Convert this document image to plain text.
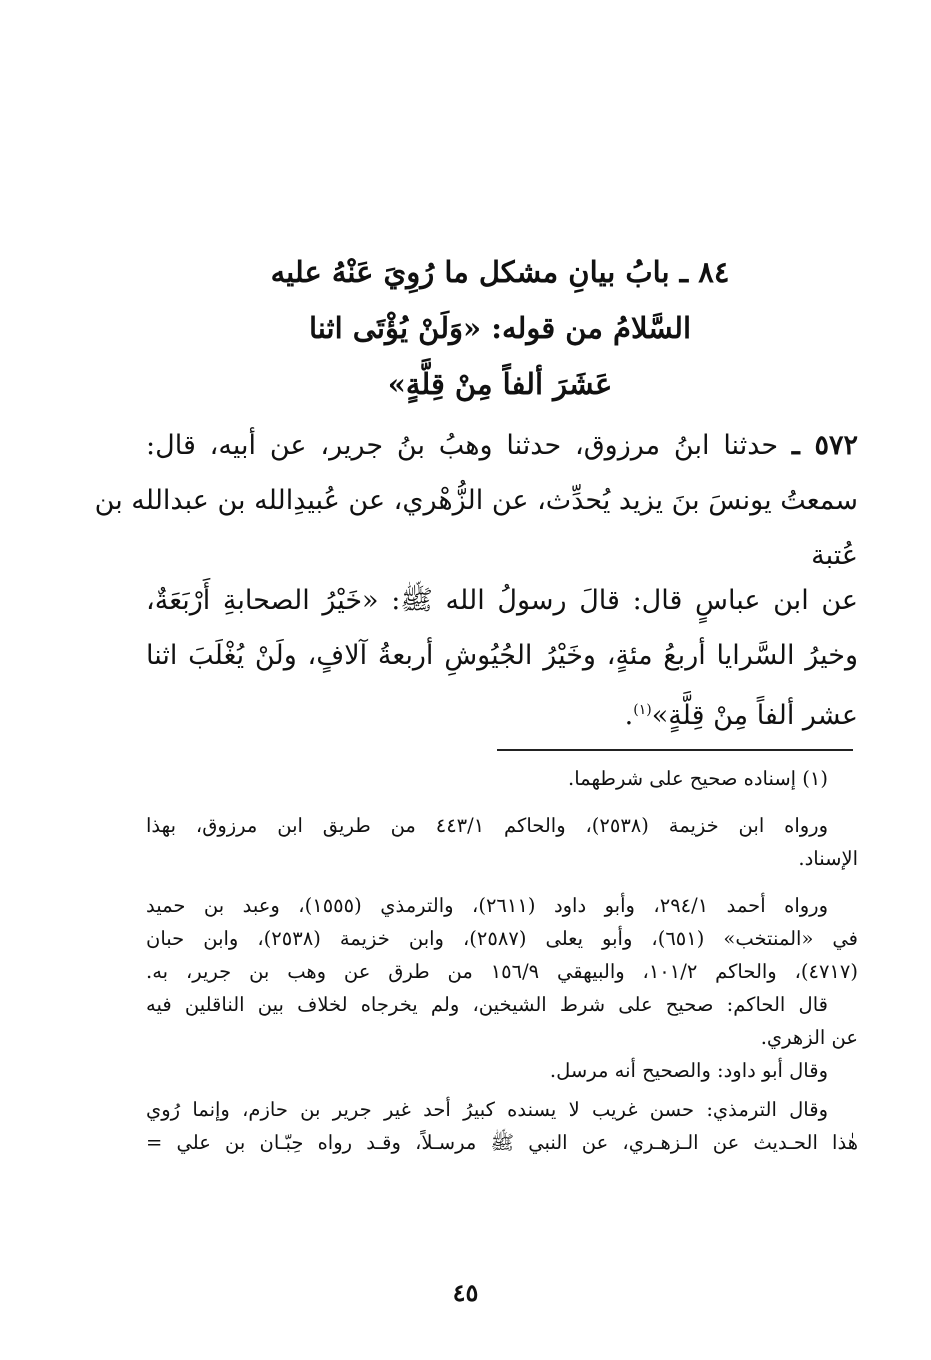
٨٤ ـ بابُ بيانِ مشكل ما رُوِيَ عَنْهُ عليه
السَّلامُ من قوله: «وَلَنْ يُؤْتَى اثنا
عَشَرَ ألفاً مِنْ قِلَّةٍ»
٥٧٢ ـ حدثنا ابنُ مرزوق، حدثنا وهبُ بنُ جرير، عن أبيه، قال:
سمعتُ يونسَ بنَ يزيد يُحدِّث، عن الزُّهْري، عن عُبيدِالله بن عبدالله بن
عُتبة
عن ابن عباسٍ قال: قالَ رسولُ الله ﷺ: «خَيْرُ الصحابةِ أَرْبَعَةٌ،
وخيرُ السَّرايا أربعُ مئةٍ، وخَيْرُ الجُيُوشِ أربعةُ آلافٍ، ولَنْ يُغْلَبَ اثنا
عشر ألفاً مِنْ قِلَّةٍ»$^{(١)}$.
(١) إسناده صحيح على شرطهما.
ورواه ابن خزيمة (٢٥٣٨)، والحاكم ٤٤٣/١ من طريق ابن مرزوق، بهذا
الإسناد.
ورواه أحمد ٢٩٤/١، وأبو داود (٢٦١١)، والترمذي (١٥٥٥)، وعبد بن حميد
في «المنتخب» (٦٥١)، وأبو يعلى (٢٥٨٧)، وابن خزيمة (٢٥٣٨)، وابن حبان
(٤٧١٧)، والحاكم ١٠١/٢، والبيهقي ١٥٦/٩ من طرق عن وهب بن جرير، به.
قال الحاكم: صحيح على شرط الشيخين، ولم يخرجاه لخلاف بين الناقلين فيه
عن الزهري.
وقال أبو داود: والصحيح أنه مرسل.
وقال الترمذي: حسن غريب لا يسنده كبيرُ أحد غير جرير بن حازم، وإنما رُوي
هٰذا الحـديث عن الـزهـري، عن النبي ﷺ مرسـلاً، وقـد رواه حِبّـان بن علي =
٤٥
